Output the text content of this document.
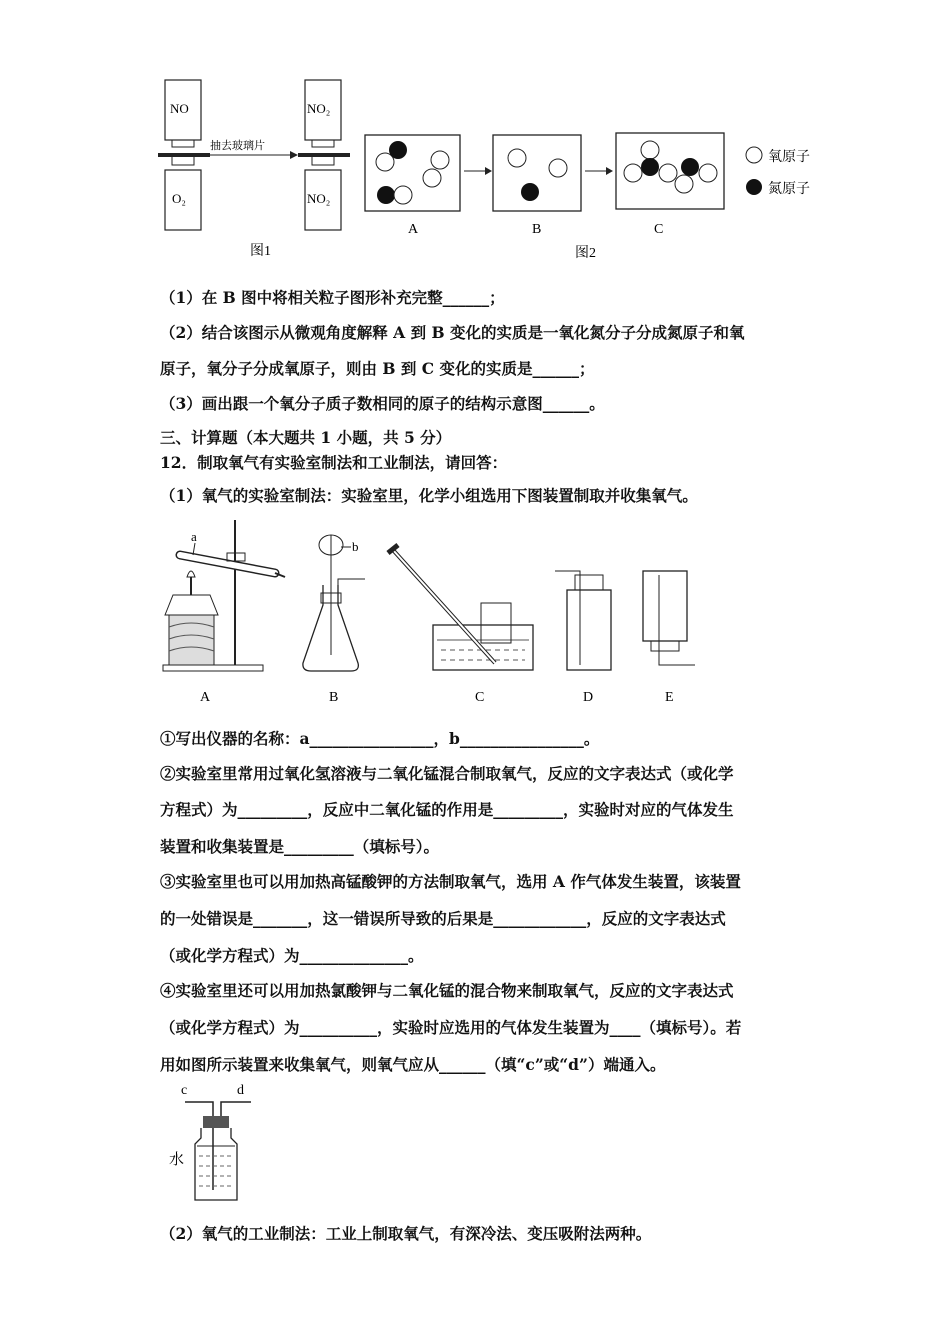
NO
O₂
抽去玻璃片
NO₂
NO₂
图1
氧原子
氮原子
A	B	C
图2
（1）在 B 图中将相关粒子图形补充完整______；
（2）结合该图示从微观角度解释 A 到 B 变化的实质是一氧化氮分子分成氮原子和氧
原子，氧分子分成氧原子，则由 B 到 C 变化的实质是______；
（3）画出跟一个氧分子质子数相同的原子的结构示意图______。
三、计算题（本大题共 1 小题，共 5 分）
12．制取氧气有实验室制法和工业制法，请回答：
（1）氧气的实验室制法：实验室里，化学小组选用下图装置制取并收集氧气。
a
b
A	B	C	D	E
①写出仪器的名称：a________________，b________________。
②实验室里常用过氧化氢溶液与二氧化锰混合制取氧气，反应的文字表达式（或化学
方程式）为_________，反应中二氧化锰的作用是_________，实验时对应的气体发生
装置和收集装置是_________（填标号）。
③实验室里也可以用加热高锰酸钾的方法制取氧气，选用 A 作气体发生装置，该装置
的一处错误是_______，这一错误所导致的后果是____________，反应的文字表达式
（或化学方程式）为______________。
④实验室里还可以用加热氯酸钾与二氧化锰的混合物来制取氧气，反应的文字表达式
（或化学方程式）为__________，实验时应选用的气体发生装置为____（填标号）。若
用如图所示装置来收集氧气，则氧气应从______（填“c”或“d”）端通入。
c	d
水
（2）氧气的工业制法：工业上制取氧气，有深冷法、变压吸附法两种。
